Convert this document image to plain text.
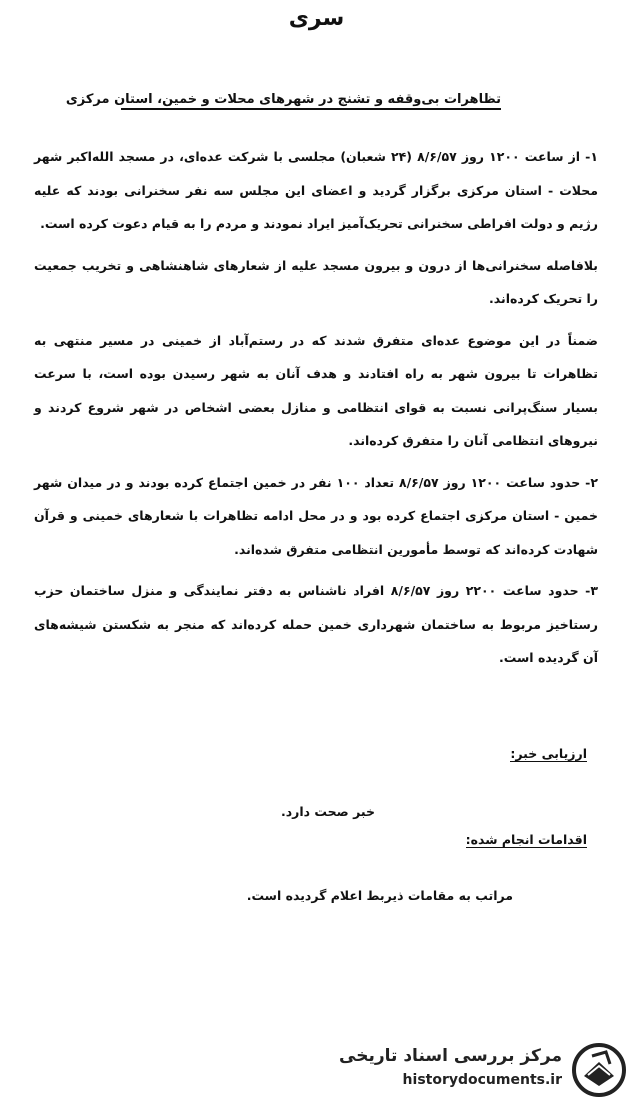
سری
تظاهرات بی‌وقفه و تشنج در شهرهای محلات و خمین، استان مرکزی

۱- از ساعت ۱۲۰۰ روز ۸/۶/۵۷ (۲۴ شعبان) مجلسی با شرکت عده‌ای، در مسجد الله‌اکبر شهر محلات - استان مرکزی برگزار گردید و اعضای این مجلس سه نفر سخنرانی بودند که علیه رژیم و دولت افراطی سخنرانی تحریک‌آمیز ایراد نمودند و مردم را به قیام دعوت کرده است.

بلافاصله سخنرانی‌ها از درون و بیرون مسجد علیه از شعارهای شاهنشاهی و تخریب جمعیت را تحریک کرده‌اند.

ضمناً در این موضوع عده‌ای متفرق شدند که در رستم‌آباد از خمینی در مسیر منتهی به تظاهرات تا بیرون شهر به راه افتادند و هدف آنان به شهر رسیدن بوده است، با سرعت بسیار سنگ‌پرانی نسبت به قوای انتظامی و منازل بعضی اشخاص در شهر شروع کردند و نیروهای انتظامی آنان را متفرق کرده‌اند.

۲- حدود ساعت ۱۲۰۰ روز ۸/۶/۵۷ تعداد ۱۰۰ نفر در خمین اجتماع کرده بودند و در میدان شهر خمین - استان مرکزی اجتماع کرده بود و در محل ادامه تظاهرات با شعارهای خمینی و قرآن شهادت کرده‌اند که توسط مأمورین انتظامی متفرق شده‌اند.

۳- حدود ساعت ۲۲۰۰ روز ۸/۶/۵۷ افراد ناشناس به دفتر نمایندگی و منزل ساختمان حزب رستاخیز مربوط به ساختمان شهرداری خمین حمله کرده‌اند که منجر به شکستن شیشه‌های آن گردیده است.

ارزیابی خبر:
خبر صحت دارد.
اقدامات انجام شده:
مراتب به مقامات ذیربط اعلام گردیده است.
مرکز بررسی اسناد تاریخی
historydocuments.ir
